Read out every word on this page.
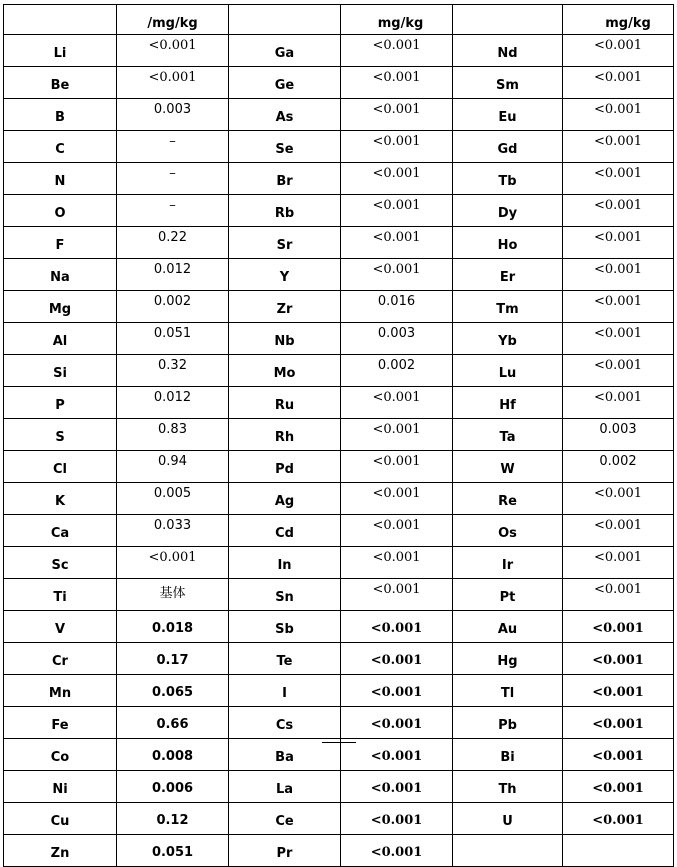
	/mg/kg		mg/kg		mg/kg
Li	<0.001	Ga	<0.001	Nd	<0.001
Be	<0.001	Ge	<0.001	Sm	<0.001
B	0.003	As	<0.001	Eu	<0.001
C	–	Se	<0.001	Gd	<0.001
N	–	Br	<0.001	Tb	<0.001
O	–	Rb	<0.001	Dy	<0.001
F	0.22	Sr	<0.001	Ho	<0.001
Na	0.012	Y	<0.001	Er	<0.001
Mg	0.002	Zr	0.016	Tm	<0.001
Al	0.051	Nb	0.003	Yb	<0.001
Si	0.32	Mo	0.002	Lu	<0.001
P	0.012	Ru	<0.001	Hf	<0.001
S	0.83	Rh	<0.001	Ta	0.003
Cl	0.94	Pd	<0.001	W	0.002
K	0.005	Ag	<0.001	Re	<0.001
Ca	0.033	Cd	<0.001	Os	<0.001
Sc	<0.001	In	<0.001	Ir	<0.001
Ti	基体	Sn	<0.001	Pt	<0.001
V	0.018	Sb	<0.001	Au	<0.001
Cr	0.17	Te	<0.001	Hg	<0.001
Mn	0.065	I	<0.001	Tl	<0.001
Fe	0.66	Cs	<0.001	Pb	<0.001
Co	0.008	Ba	<0.001	Bi	<0.001
Ni	0.006	La	<0.001	Th	<0.001
Cu	0.12	Ce	<0.001	U	<0.001
Zn	0.051	Pr	<0.001		
